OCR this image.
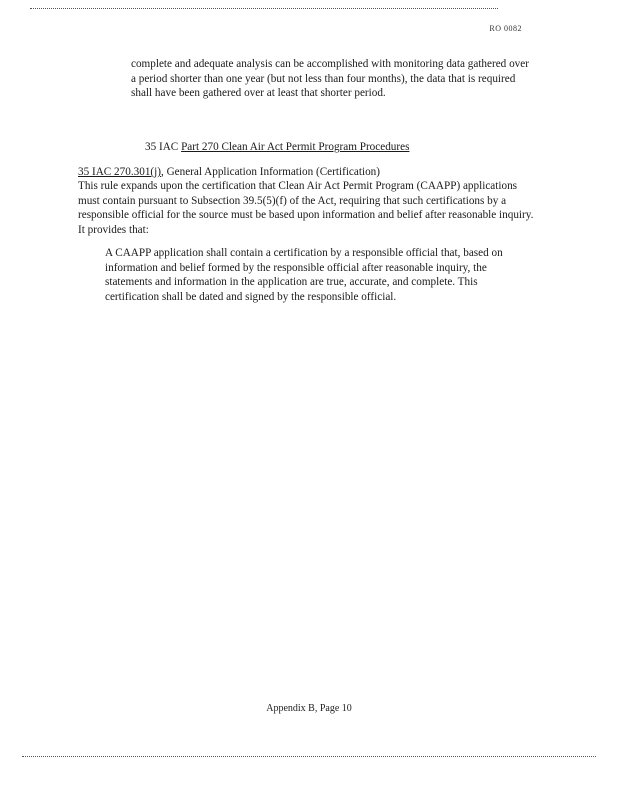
RO 0082

complete and adequate analysis can be accomplished with monitoring data gathered over a period shorter than one year (but not less than four months), the data that is required shall have been gathered over at least that shorter period.

35 IAC Part 270 Clean Air Act Permit Program Procedures
35 IAC 270.301(j), General Application Information (Certification)

This rule expands upon the certification that Clean Air Act Permit Program (CAAPP) applications must contain pursuant to Subsection 39.5(5)(f) of the Act, requiring that such certifications by a responsible official for the source must be based upon information and belief after reasonable inquiry. It provides that:

A CAAPP application shall contain a certification by a responsible official that, based on information and belief formed by the responsible official after reasonable inquiry, the statements and information in the application are true, accurate, and complete. This certification shall be dated and signed by the responsible official.

Appendix B, Page 10
